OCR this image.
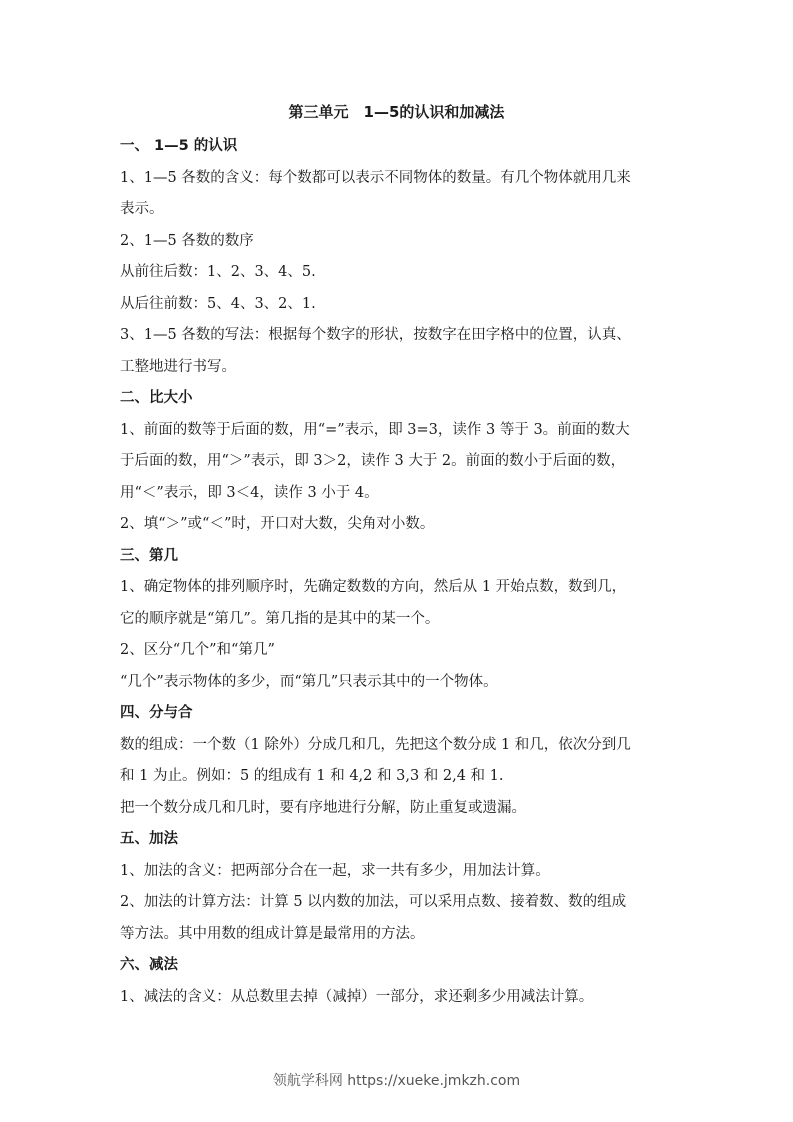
第三单元　1—5的认识和加减法
一、 1—5 的认识
1、1—5 各数的含义：每个数都可以表示不同物体的数量。有几个物体就用几来
表示。
2、1—5 各数的数序
从前往后数：1、2、3、4、5.
从后往前数：5、4、3、2、1.
3、1—5 各数的写法：根据每个数字的形状，按数字在田字格中的位置，认真、
工整地进行书写。
二、比大小
1、前面的数等于后面的数，用“=”表示，即 3=3，读作 3 等于 3。前面的数大
于后面的数，用“＞”表示，即 3＞2，读作 3 大于 2。前面的数小于后面的数，
用“＜”表示，即 3＜4，读作 3 小于 4。
2、填“＞”或“＜”时，开口对大数，尖角对小数。
三、第几
1、确定物体的排列顺序时，先确定数数的方向，然后从 1 开始点数，数到几，
它的顺序就是“第几”。第几指的是其中的某一个。
2、区分“几个”和“第几”
“几个”表示物体的多少，而“第几”只表示其中的一个物体。
四、分与合
数的组成：一个数（1 除外）分成几和几，先把这个数分成 1 和几，依次分到几
和 1 为止。例如：5 的组成有 1 和 4,2 和 3,3 和 2,4 和 1.
把一个数分成几和几时，要有序地进行分解，防止重复或遗漏。
五、加法
1、加法的含义：把两部分合在一起，求一共有多少，用加法计算。
2、加法的计算方法：计算 5 以内数的加法，可以采用点数、接着数、数的组成
等方法。其中用数的组成计算是最常用的方法。
六、减法
1、减法的含义：从总数里去掉（减掉）一部分，求还剩多少用减法计算。
领航学科网 https://xueke.jmkzh.com
